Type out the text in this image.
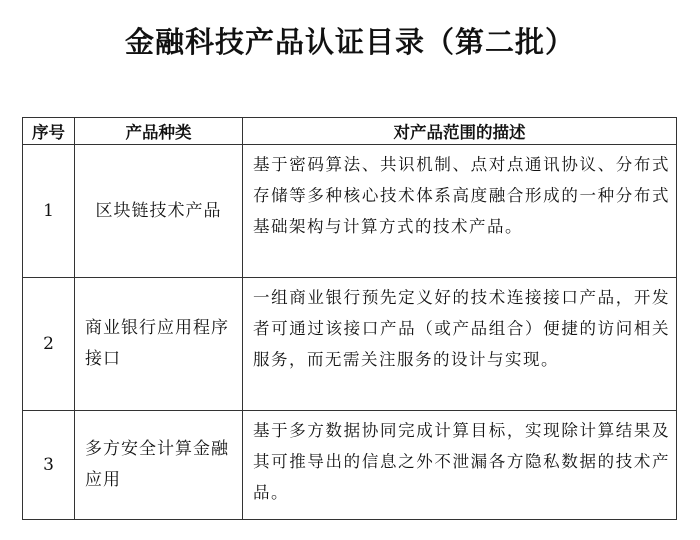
金融科技产品认证目录（第二批）
序号	产品种类	对产品范围的描述
1	区块链技术产品	基于密码算法、共识机制、点对点通讯协议、分布式存储等多种核心技术体系高度融合形成的一种分布式基础架构与计算方式的技术产品。
2	商业银行应用程序接口	一组商业银行预先定义好的技术连接接口产品，开发者可通过该接口产品（或产品组合）便捷的访问相关服务，而无需关注服务的设计与实现。
3	多方安全计算金融应用	基于多方数据协同完成计算目标，实现除计算结果及其可推导出的信息之外不泄漏各方隐私数据的技术产品。
